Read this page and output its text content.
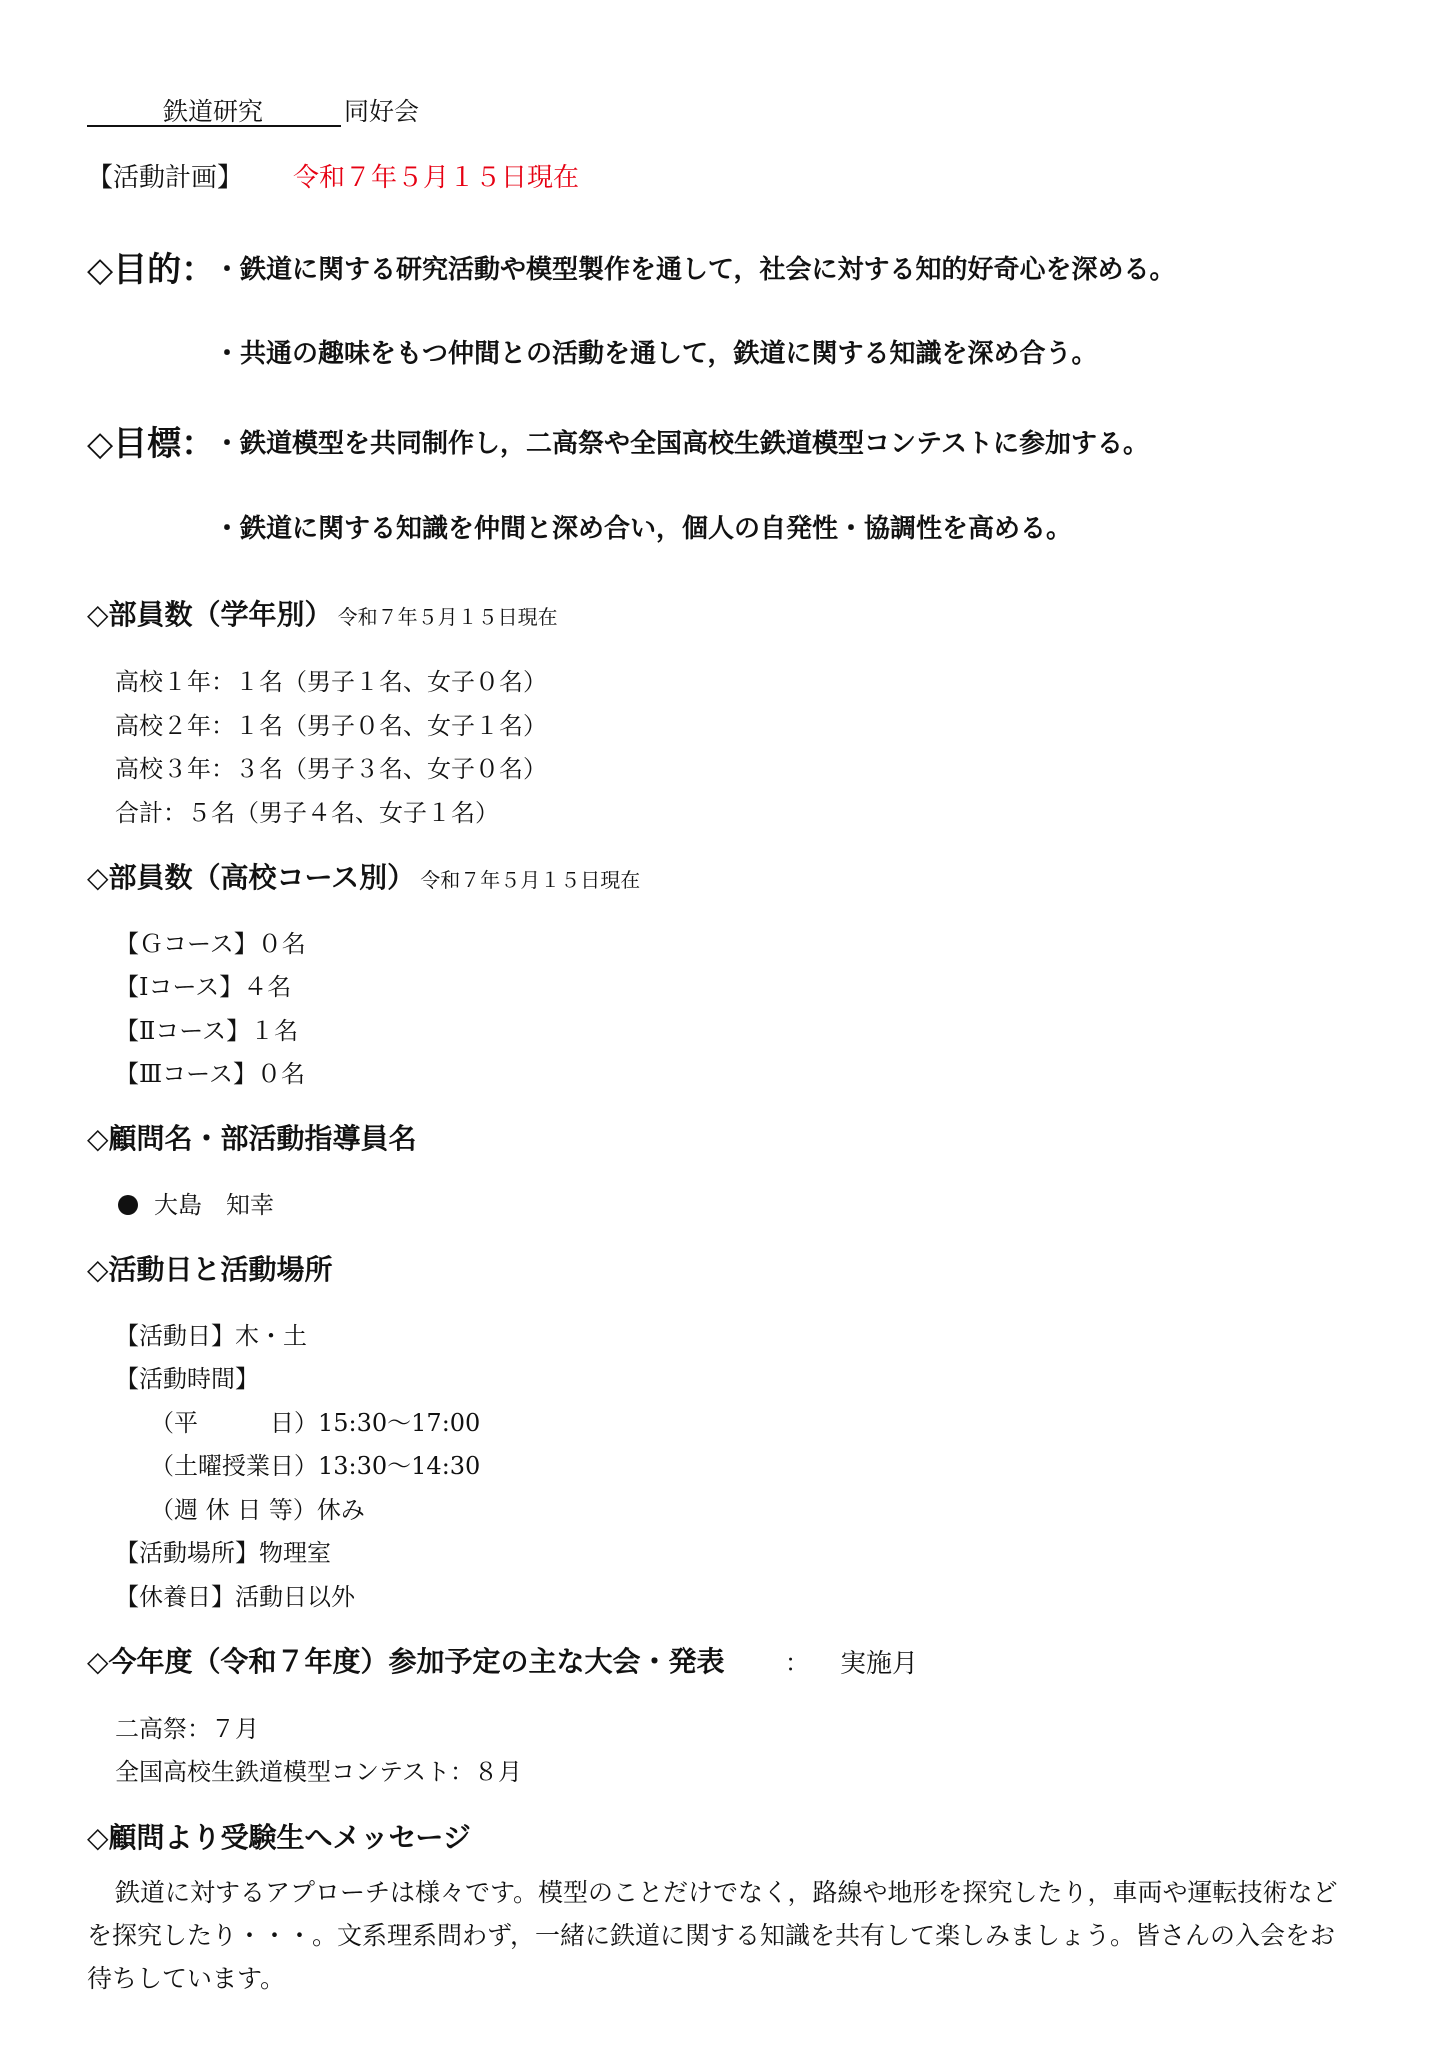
鉄道研究	同好会
【活動計画】 令和７年５月１５日現在
◇目的：
・鉄道に関する研究活動や模型製作を通して，社会に対する知的好奇心を深める。
・共通の趣味をもつ仲間との活動を通して，鉄道に関する知識を深め合う。
◇目標：
・鉄道模型を共同制作し，二高祭や全国高校生鉄道模型コンテストに参加する。
・鉄道に関する知識を仲間と深め合い，個人の自発性・協調性を高める。
◇部員数（学年別） 令和７年５月１５日現在
高校１年：１名（男子１名、女子０名）
高校２年：１名（男子０名、女子１名）
高校３年：３名（男子３名、女子０名）
合計：５名（男子４名、女子１名）
◇部員数（高校コース別） 令和７年５月１５日現在
【Ｇコース】０名
【Ⅰコース】４名
【Ⅱコース】１名
【Ⅲコース】０名
◇顧問名・部活動指導員名
大島　知幸
◇活動日と活動場所
【活動日】木・土
【活動時間】
（平　　　日）15:30〜17:00
（土曜授業日）13:30〜14:30
（週 休 日 等）休み
【活動場所】物理室
【休養日】活動日以外
◇今年度（令和７年度）参加予定の主な大会・発表	： 実施月
二高祭：７月
全国高校生鉄道模型コンテスト：８月
◇顧問より受験生へメッセージ

鉄道に対するアプローチは様々です。模型のことだけでなく，路線や地形を探究したり，車両や運転技術などを探究したり・・・。文系理系問わず，一緒に鉄道に関する知識を共有して楽しみましょう。皆さんの入会をお待ちしています。
